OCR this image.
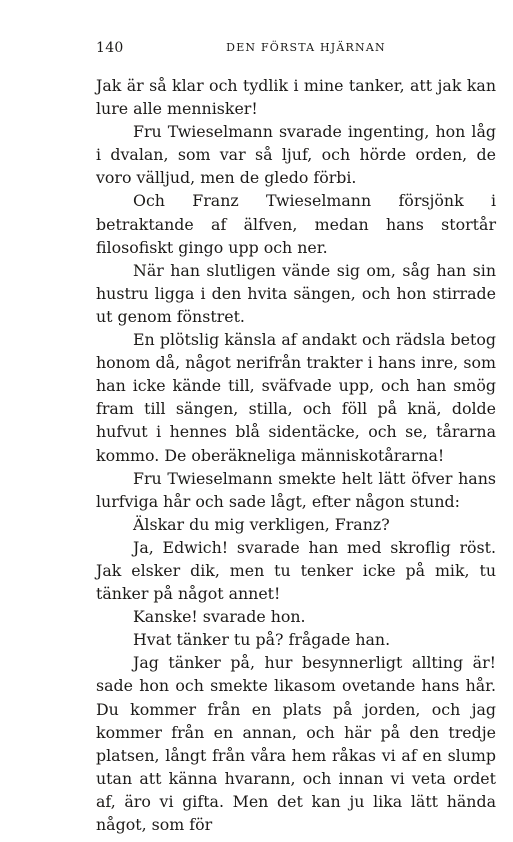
140	DEN FÖRSTA HJÄRNAN

Jak är så klar och tydlik i mine tanker, att jak kan lure alle mennisker!

Fru Twieselmann svarade ingenting, hon låg i dvalan, som var så ljuf, och hörde orden, de voro välljud, men de gledo förbi.

Och Franz Twieselmann försjönk i betraktande af älfven, medan hans stortår filosofiskt gingo upp och ner.

När han slutligen vände sig om, såg han sin hustru ligga i den hvita sängen, och hon stirrade ut genom fönstret.

En plötslig känsla af andakt och rädsla betog honom då, något nerifrån trakter i hans inre, som han icke kände till, sväfvade upp, och han smög fram till sängen, stilla, och föll på knä, dolde hufvut i hennes blå sidentäcke, och se, tårarna kommo. De oberäkneliga människotårarna!

Fru Twieselmann smekte helt lätt öfver hans lurfviga hår och sade lågt, efter någon stund:

Älskar du mig verkligen, Franz?

Ja, Edwich! svarade han med skroflig röst. Jak elsker dik, men tu tenker icke på mik, tu tänker på något annet!

Kanske! svarade hon.

Hvat tänker tu på? frågade han.

Jag tänker på, hur besynnerligt allting är! sade hon och smekte likasom ovetande hans hår. Du kommer från en plats på jorden, och jag kommer från en annan, och här på den tredje platsen, långt från våra hem råkas vi af en slump utan att känna hvarann, och innan vi veta ordet af, äro vi gifta. Men det kan ju lika lätt hända något, som för
